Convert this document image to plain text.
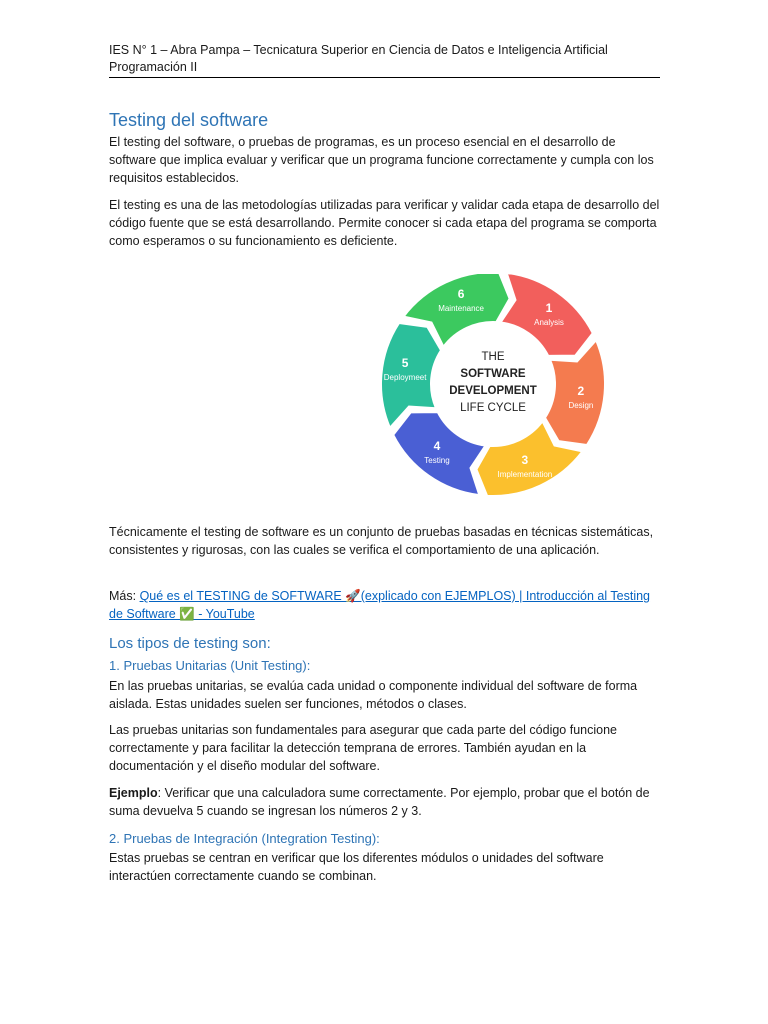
IES N° 1 – Abra Pampa – Tecnicatura Superior en Ciencia de Datos e Inteligencia Artificial
Programación II
Testing del software
El testing del software, o pruebas de programas, es un proceso esencial en el desarrollo de software que implica evaluar y verificar que un programa funcione correctamente y cumpla con los requisitos establecidos.
El testing es una de las metodologías utilizadas para verificar y validar cada etapa de desarrollo del código fuente que se está desarrollando. Permite conocer si cada etapa del programa se comporta como esperamos o su funcionamiento es deficiente.
1
Analysis
2
Design
3
Implementation
4
Testing
5
Deploymeet
6
Maintenance
THE
SOFTWARE
DEVELOPMENT
LIFE CYCLE
Técnicamente el testing de software es un conjunto de pruebas basadas en técnicas sistemáticas, consistentes y rigurosas, con las cuales se verifica el comportamiento de una aplicación.
Más: Qué es el TESTING de SOFTWARE 🚀(explicado con EJEMPLOS) | Introducción al Testing de Software ✅ - YouTube
Los tipos de testing son:
1. Pruebas Unitarias (Unit Testing):
En las pruebas unitarias, se evalúa cada unidad o componente individual del software de forma aislada. Estas unidades suelen ser funciones, métodos o clases.
Las pruebas unitarias son fundamentales para asegurar que cada parte del código funcione correctamente y para facilitar la detección temprana de errores. También ayudan en la documentación y el diseño modular del software.
Ejemplo: Verificar que una calculadora sume correctamente. Por ejemplo, probar que el botón de suma devuelva 5 cuando se ingresan los números 2 y 3.
2. Pruebas de Integración (Integration Testing):
Estas pruebas se centran en verificar que los diferentes módulos o unidades del software interactúen correctamente cuando se combinan.
